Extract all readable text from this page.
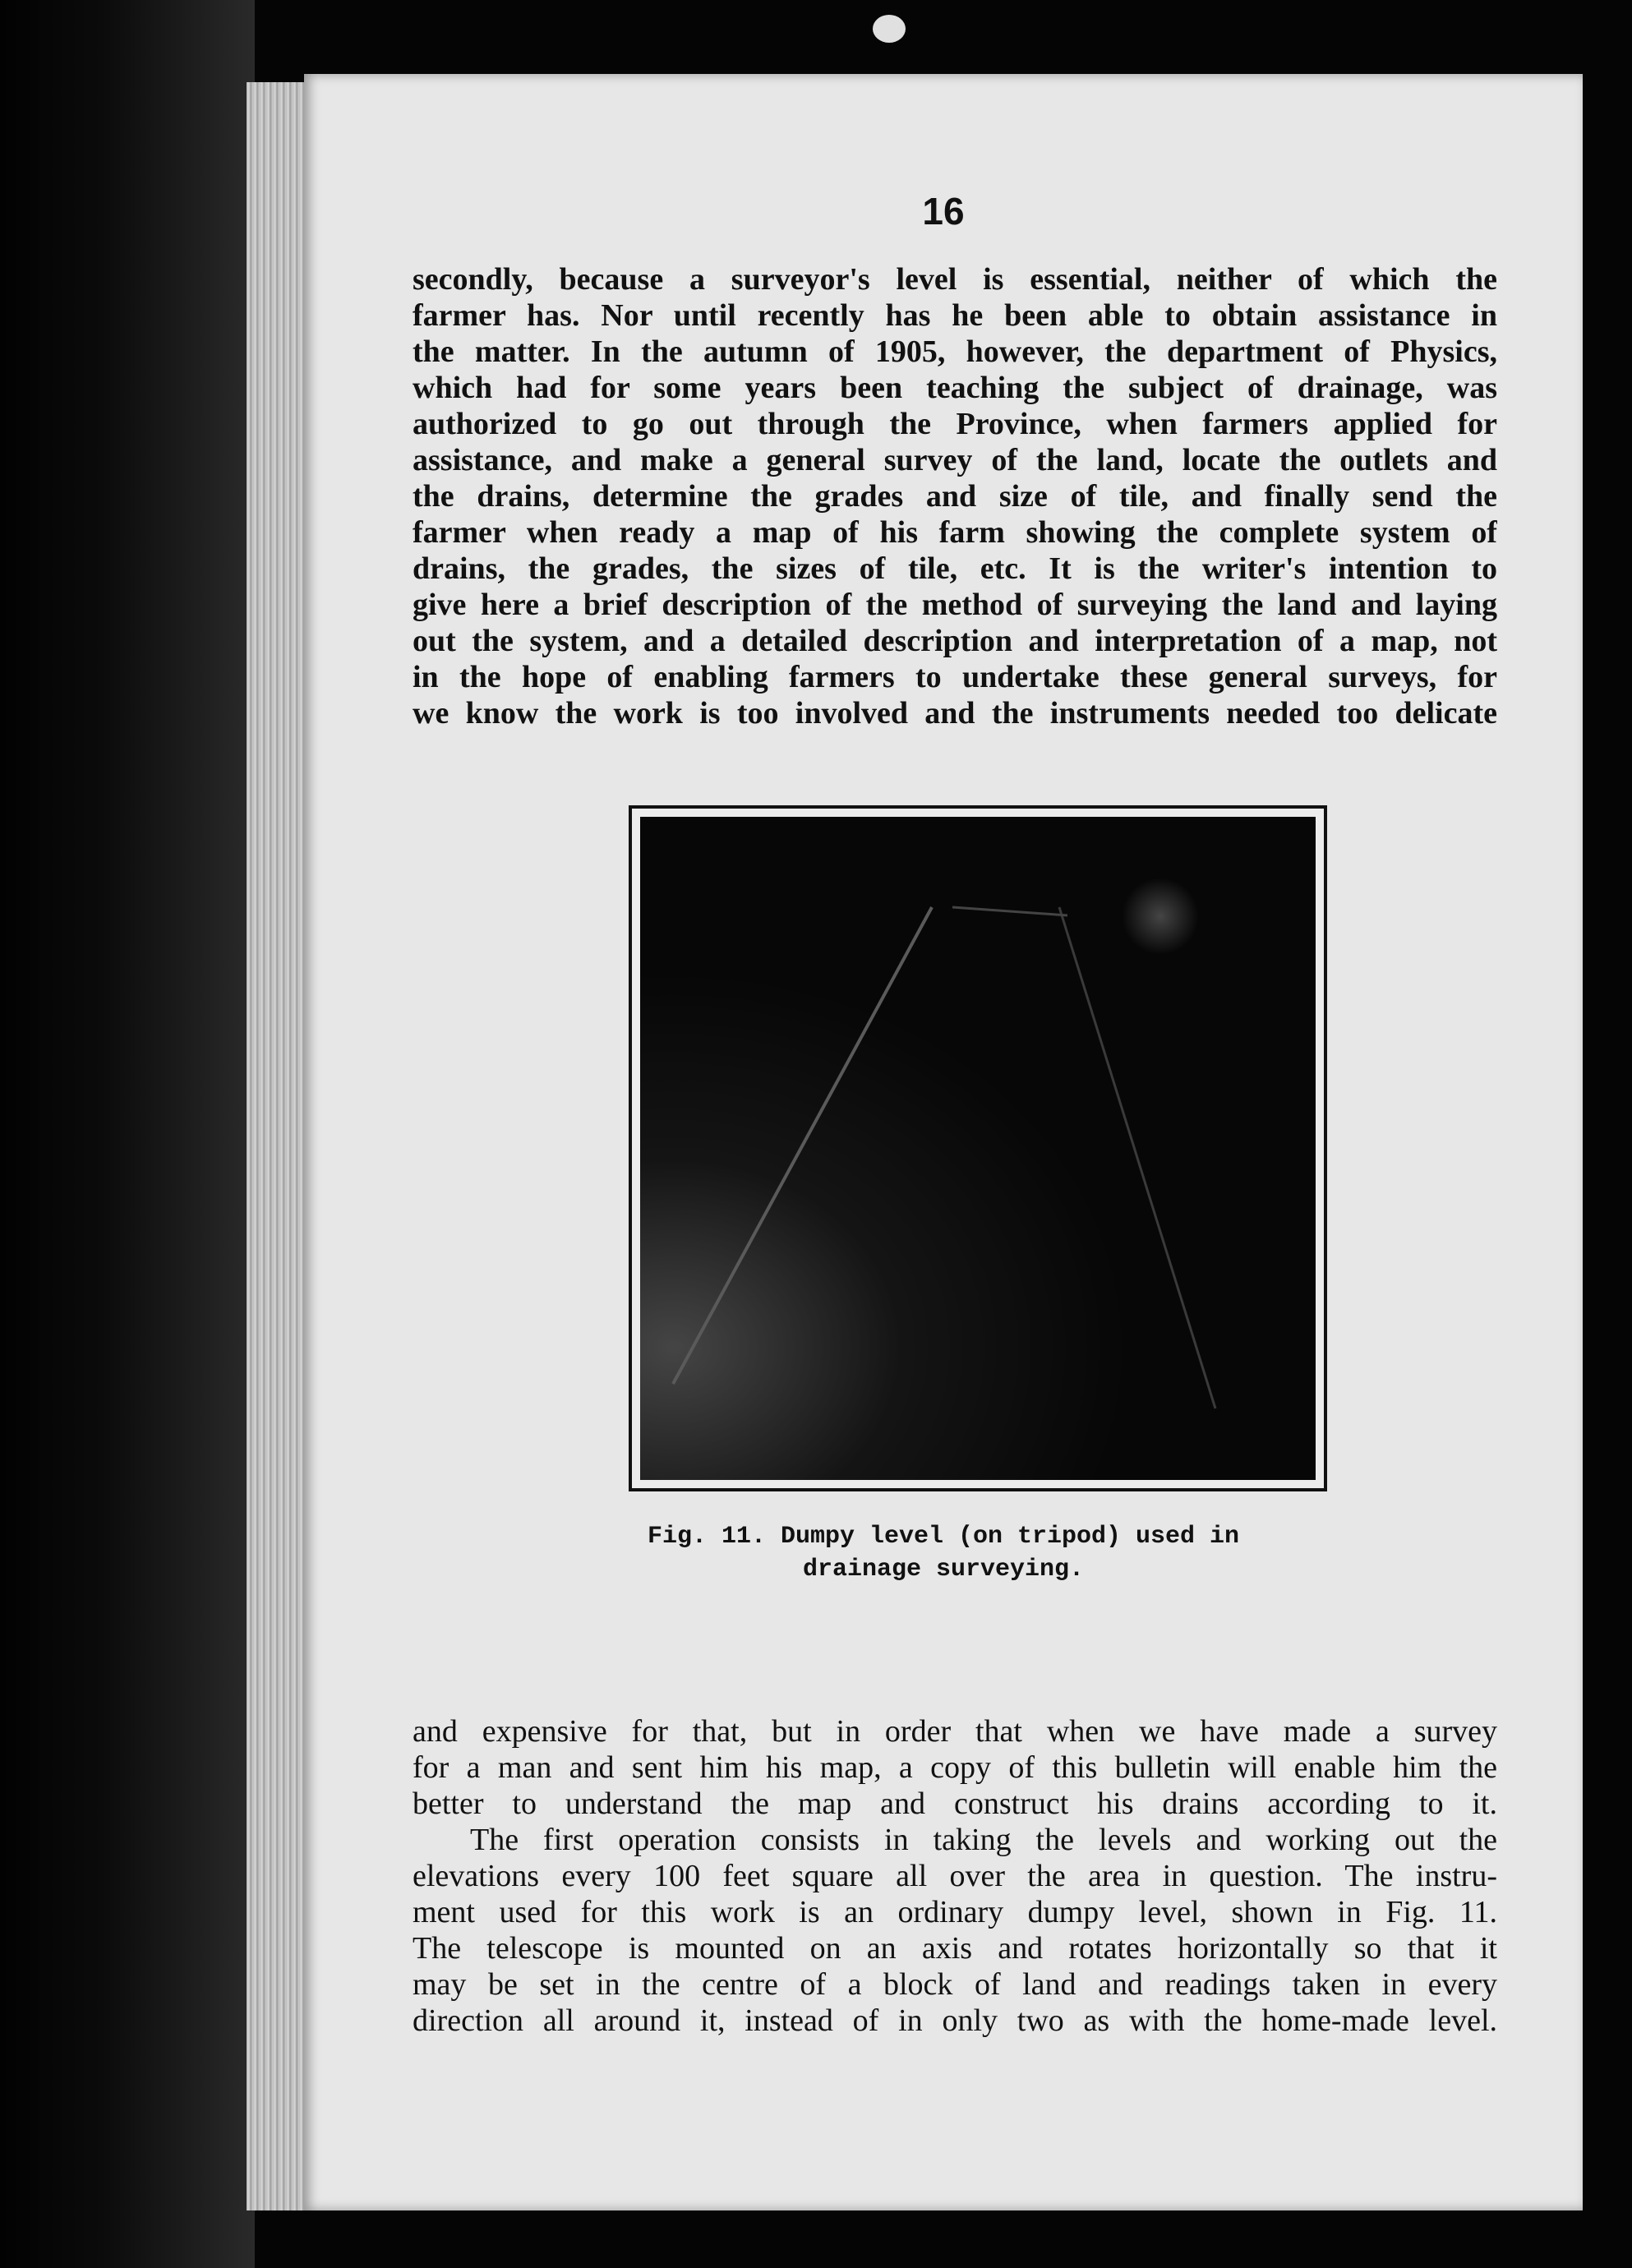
16
secondly, because a surveyor's level is essential, neither of which the
farmer has. Nor until recently has he been able to obtain assistance in
the matter. In the autumn of 1905, however, the department of Physics,
which had for some years been teaching the subject of drainage, was
authorized to go out through the Province, when farmers applied for
assistance, and make a general survey of the land, locate the outlets and
the drains, determine the grades and size of tile, and finally send the
farmer when ready a map of his farm showing the complete system of
drains, the grades, the sizes of tile, etc. It is the writer's intention to
give here a brief description of the method of surveying the land and laying
out the system, and a detailed description and interpretation of a map, not
in the hope of enabling farmers to undertake these general surveys, for
we know the work is too involved and the instruments needed too delicate
Fig. 11. Dumpy level (on tripod) used in
drainage surveying.
and expensive for that, but in order that when we have made a survey
for a man and sent him his map, a copy of this bulletin will enable him the
better to understand the map and construct his drains according to it.
The first operation consists in taking the levels and working out the
elevations every 100 feet square all over the area in question. The instru-
ment used for this work is an ordinary dumpy level, shown in Fig. 11.
The telescope is mounted on an axis and rotates horizontally so that it
may be set in the centre of a block of land and readings taken in every
direction all around it, instead of in only two as with the home-made level.
